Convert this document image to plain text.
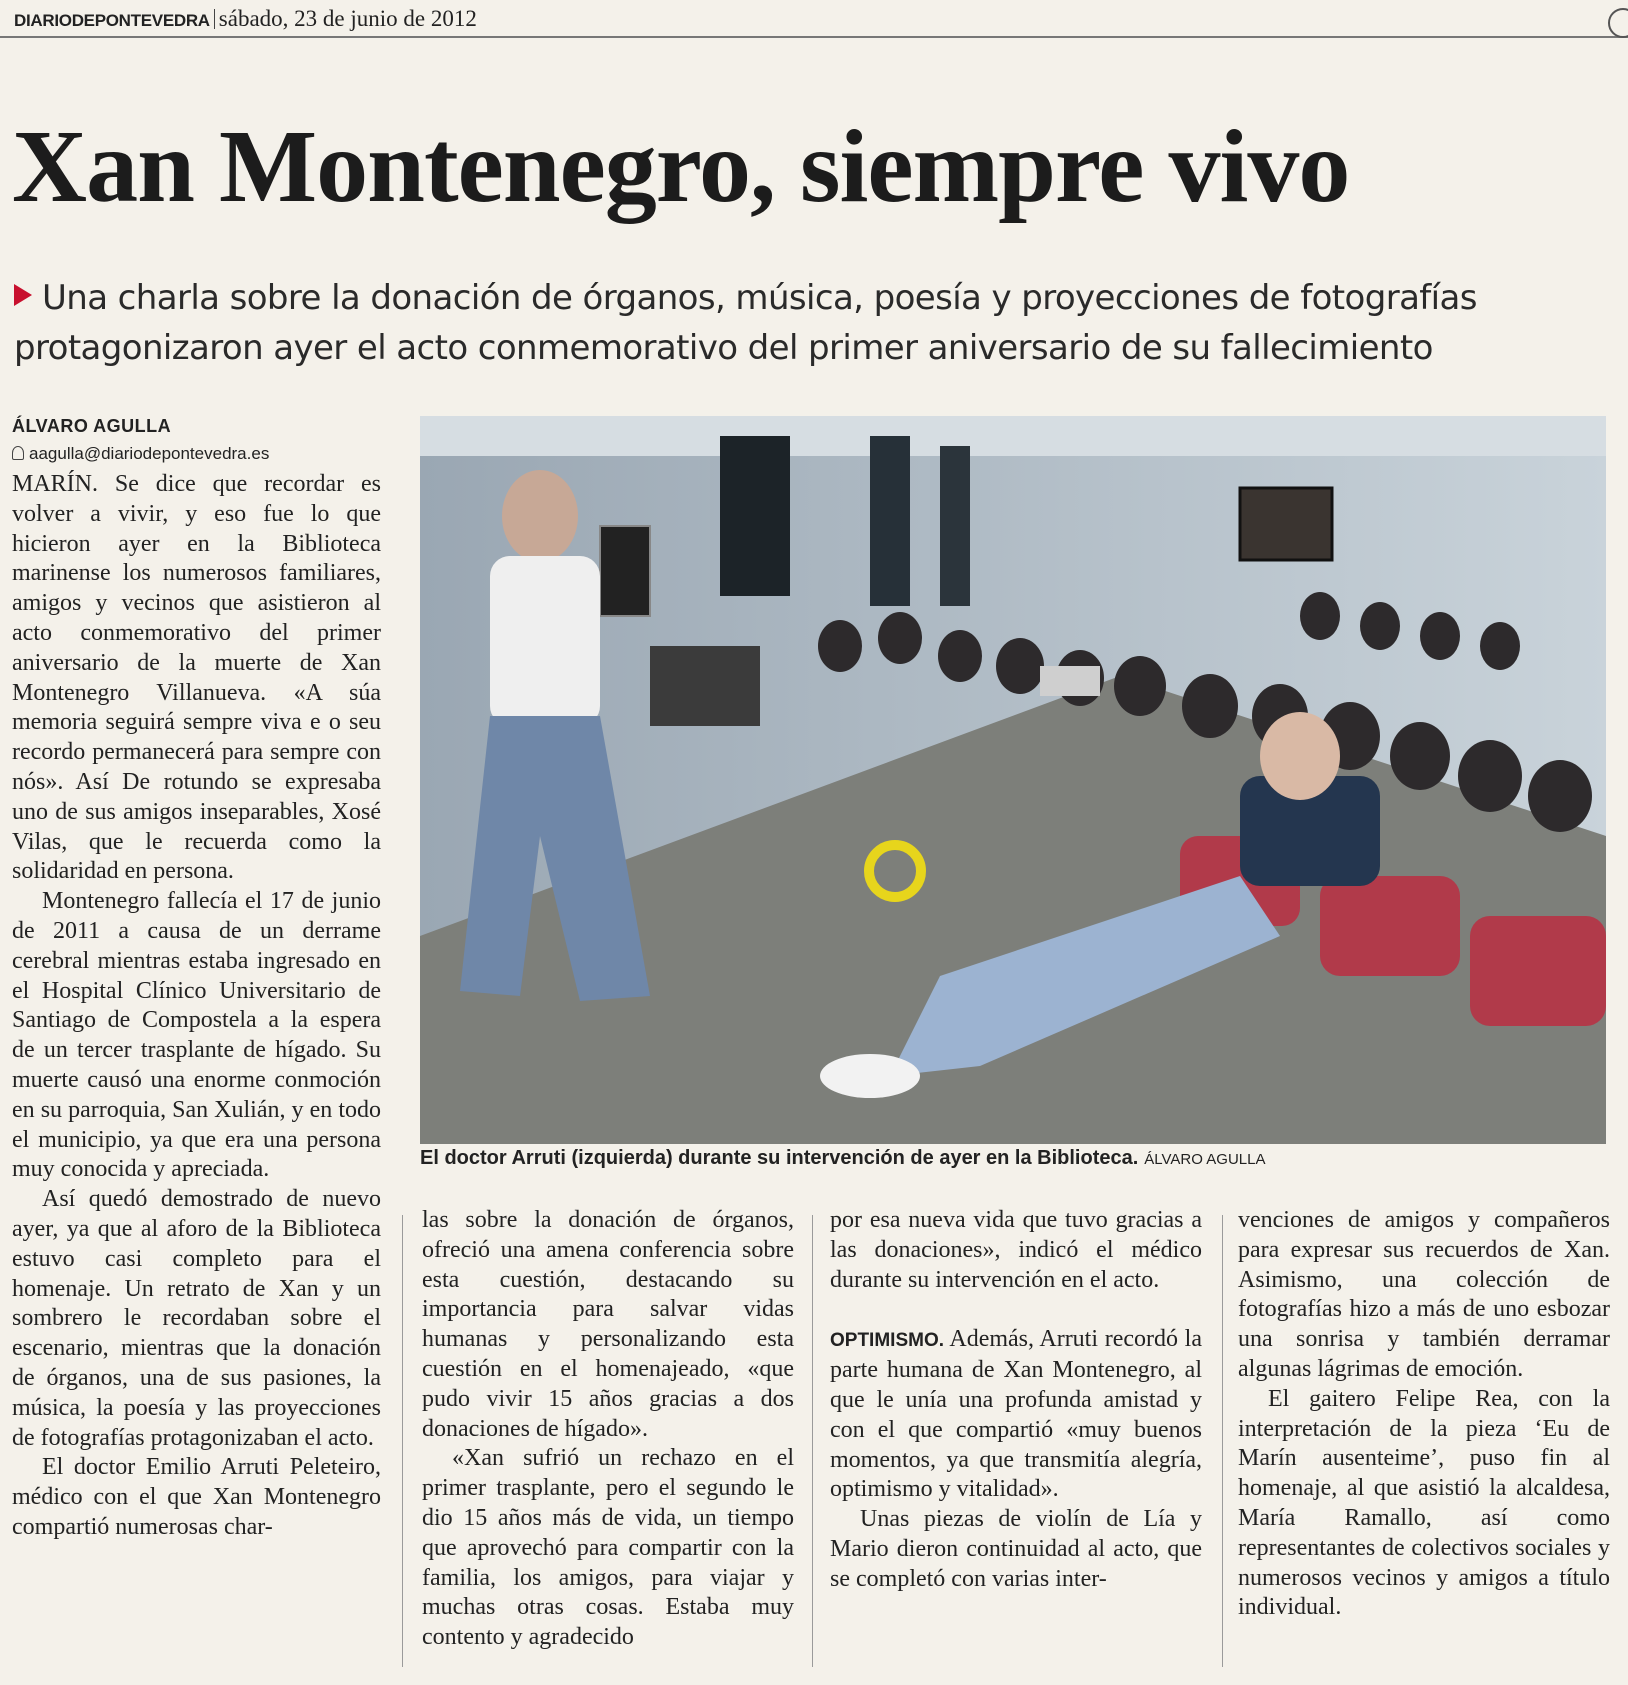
DIARIODEPONTEVEDRA sábado, 23 de junio de 2012

Xan Montenegro, siempre vivo
Una charla sobre la donación de órganos, música, poesía y proyecciones de fotografías
protagonizaron ayer el acto conmemorativo del primer aniversario de su fallecimiento
ÁLVARO AGULLA
aagulla@diariodepontevedra.es

MARÍN. Se dice que recordar es volver a vivir, y eso fue lo que hicieron ayer en la Biblioteca marinense los numerosos familiares, amigos y vecinos que asistieron al acto conmemorativo del primer aniversario de la muerte de Xan Montenegro Villanueva. «A súa memoria seguirá sempre viva e o seu recordo permanecerá para sempre con nós». Así De rotundo se expresaba uno de sus amigos inseparables, Xosé Vilas, que le recuerda como la solidaridad en persona.

Montenegro fallecía el 17 de junio de 2011 a causa de un derrame cerebral mientras estaba ingresado en el Hospital Clínico Universitario de Santiago de Compostela a la espera de un tercer trasplante de hígado. Su muerte causó una enorme conmoción en su parroquia, San Xulián, y en todo el municipio, ya que era una persona muy conocida y apreciada.

Así quedó demostrado de nuevo ayer, ya que al aforo de la Biblioteca estuvo casi completo para el homenaje. Un retrato de Xan y un sombrero le recordaban sobre el escenario, mientras que la donación de órganos, una de sus pasiones, la música, la poesía y las proyecciones de fotografías protagonizaban el acto.

El doctor Emilio Arruti Peleteiro, médico con el que Xan Montenegro compartió numerosas char-

El doctor Arruti (izquierda) durante su intervención de ayer en la Biblioteca. ÁLVARO AGULLA

las sobre la donación de órganos, ofreció una amena conferencia sobre esta cuestión, destacando su importancia para salvar vidas humanas y personalizando esta cuestión en el homenajeado, «que pudo vivir 15 años gracias a dos donaciones de hígado».

«Xan sufrió un rechazo en el primer trasplante, pero el segundo le dio 15 años más de vida, un tiempo que aprovechó para compartir con la familia, los amigos, para viajar y muchas otras cosas. Estaba muy contento y agradecido

por esa nueva vida que tuvo gracias a las donaciones», indicó el médico durante su intervención en el acto.

OPTIMISMO. Además, Arruti recordó la parte humana de Xan Montenegro, al que le unía una profunda amistad y con el que compartió «muy buenos momentos, ya que transmitía alegría, optimismo y vitalidad».

Unas piezas de violín de Lía y Mario dieron continuidad al acto, que se completó con varias inter-

venciones de amigos y compañeros para expresar sus recuerdos de Xan. Asimismo, una colección de fotografías hizo a más de uno esbozar una sonrisa y también derramar algunas lágrimas de emoción.

El gaitero Felipe Rea, con la interpretación de la pieza ‘Eu de Marín ausenteime’, puso fin al homenaje, al que asistió la alcaldesa, María Ramallo, así como representantes de colectivos sociales y numerosos vecinos y amigos a título individual.
